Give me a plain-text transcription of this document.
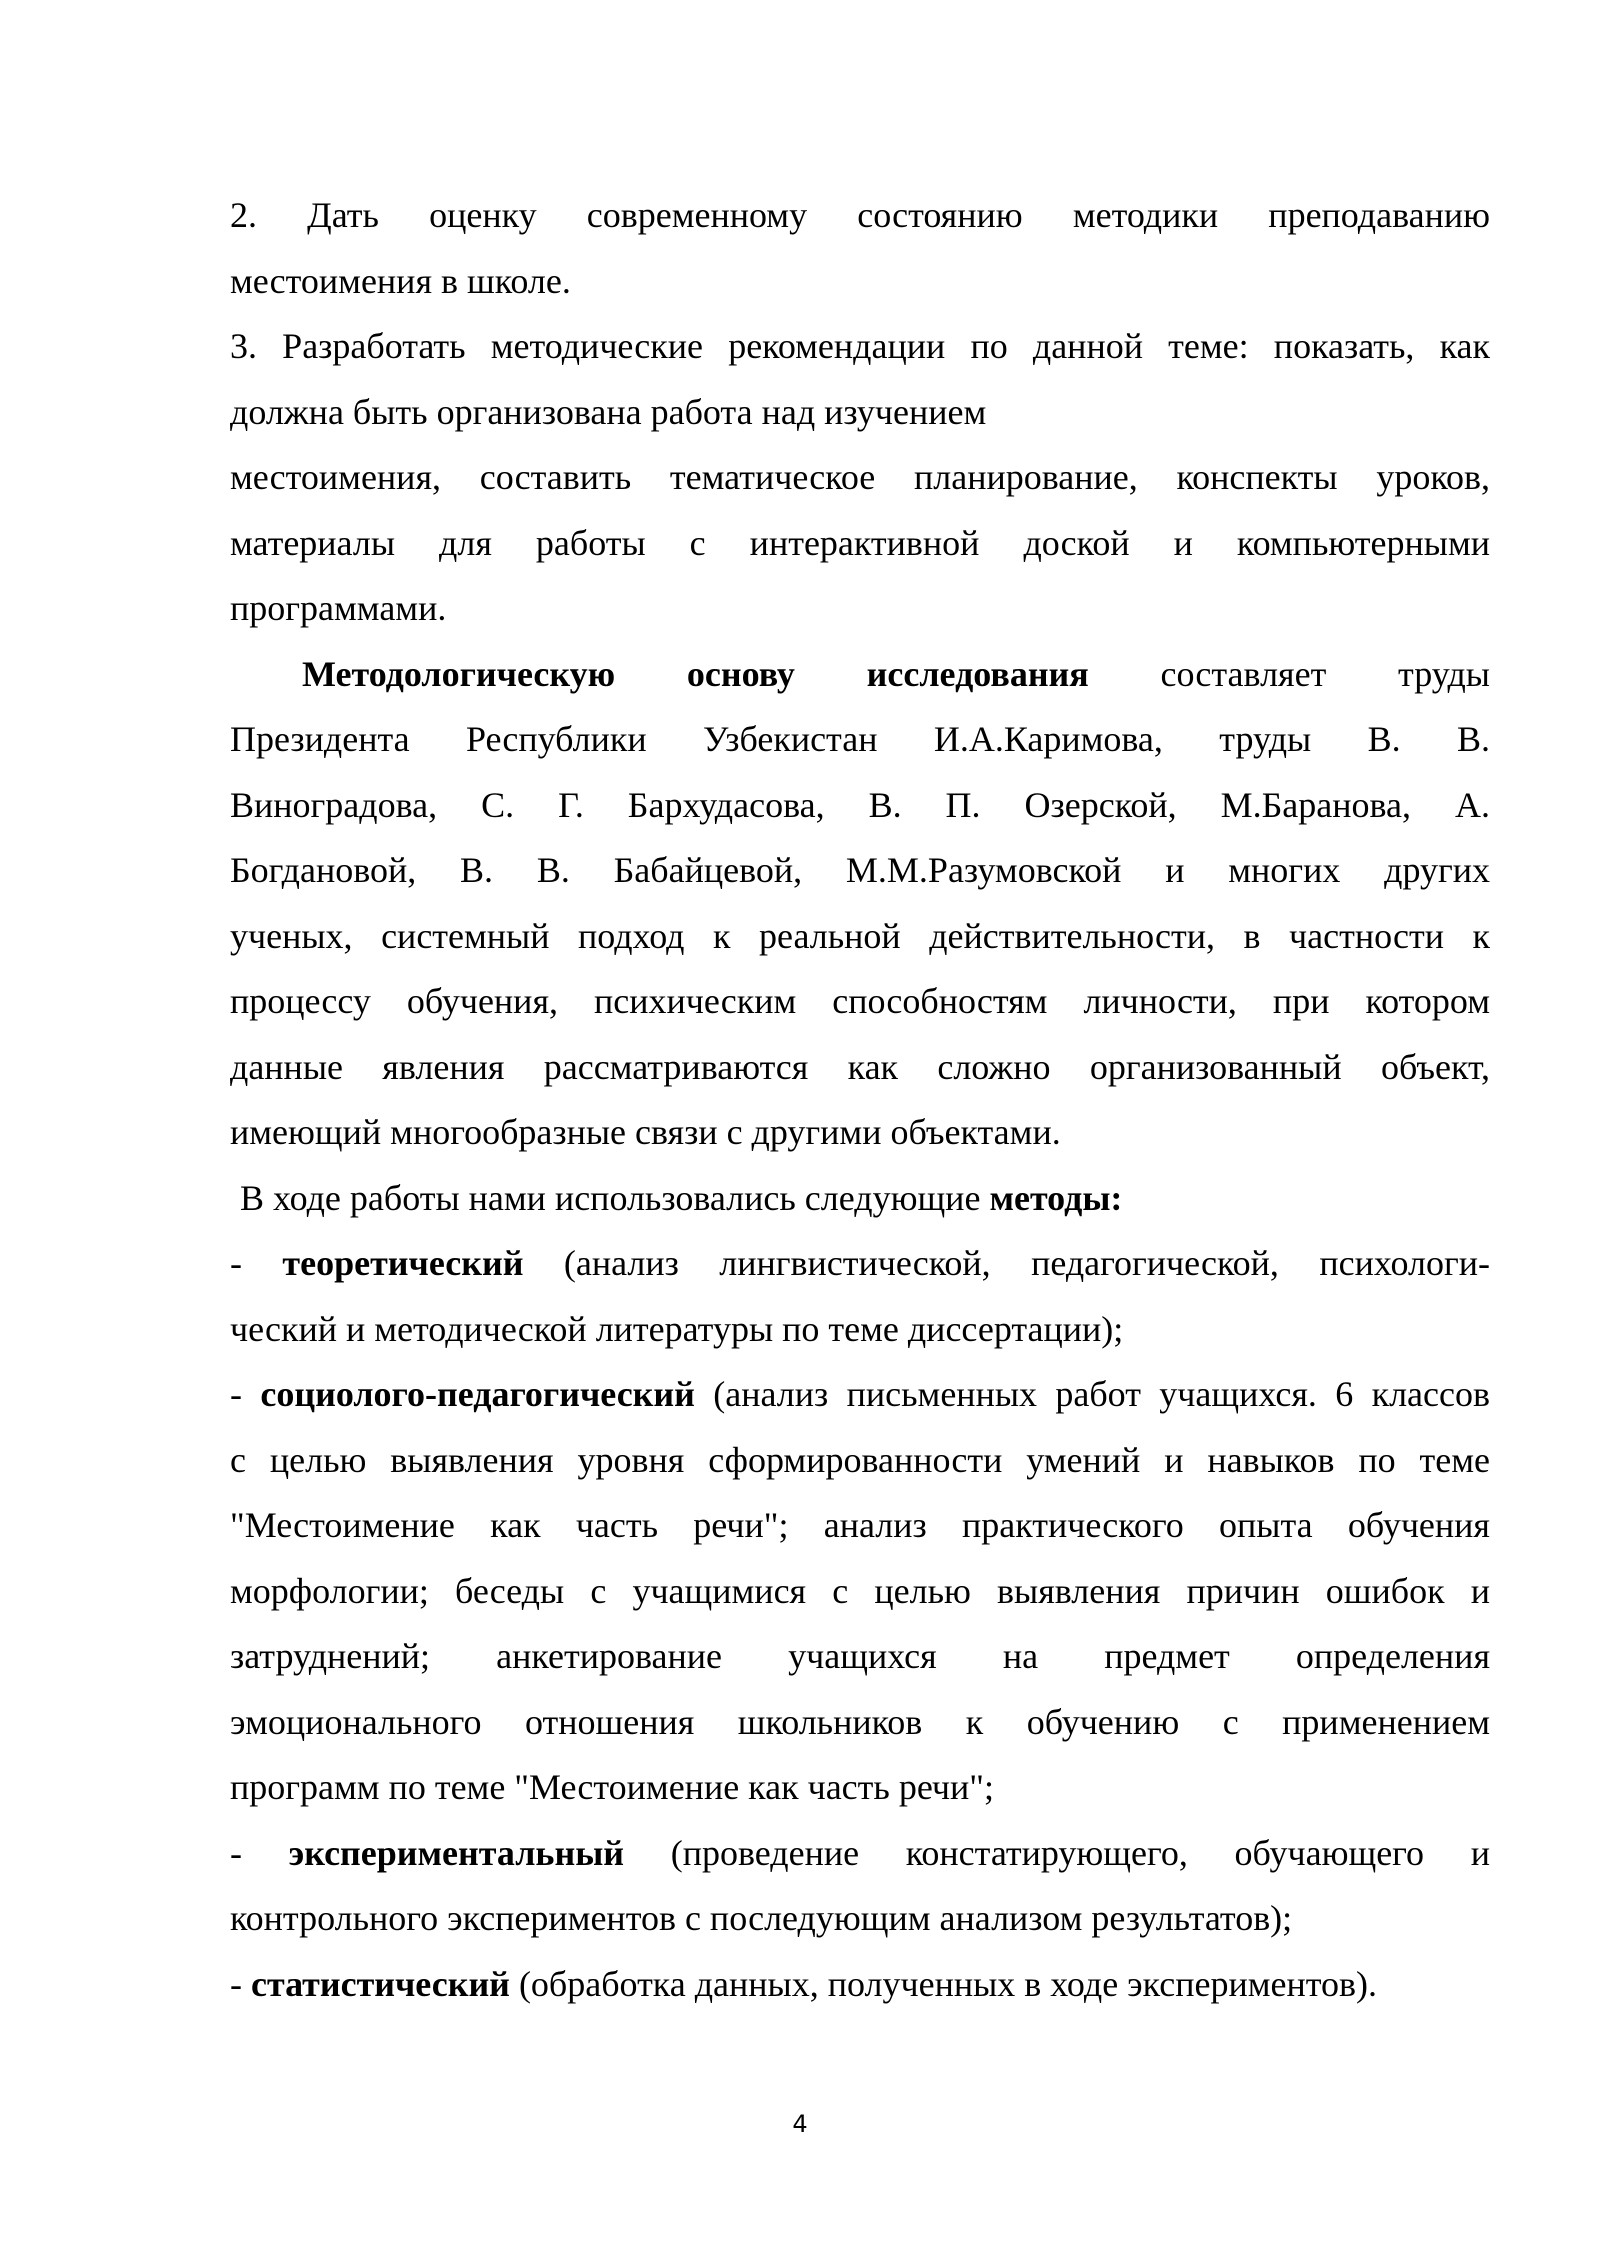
2. Дать оценку современному состоянию методики преподаванию
местоимения в школе.
3. Разработать методические рекомендации по данной теме: показать, как
должна быть организована работа над изучением
местоимения, составить тематическое планирование, конспекты уроков,
материалы для работы с интерактивной доской и компьютерными
программами.
Методологическую основу исследования составляет труды
Президента Республики Узбекистан И.А.Каримова, труды В. В.
Виноградова, С. Г. Бархудасова, В. П. Озерской, М.Баранова, А.
Богдановой, В. В. Бабайцевой, М.М.Разумовской и многих других
ученых, системный подход к реальной действительности, в частности к
процессу обучения, психическим способностям личности, при котором
данные явления рассматриваются как сложно организованный объект,
имеющий многообразные связи с другими объектами.
В ходе работы нами использовались следующие методы:
- теоретический (анализ лингвистической, педагогической, психологи-
ческий и методической литературы по теме диссертации);
- социолого-педагогический (анализ письменных работ учащихся. 6 классов
с целью выявления уровня сформированности умений и навыков по теме
"Местоимение как часть речи"; анализ практического опыта обучения
морфологии; беседы с учащимися с целью выявления причин ошибок и
затруднений; анкетирование учащихся на предмет определения
эмоционального отношения школьников к обучению с применением
программ по теме "Местоимение как часть речи";
- экспериментальный (проведение констатирующего, обучающего и
контрольного экспериментов с последующим анализом результатов);
- статистический (обработка данных, полученных в ходе экспериментов).
4
